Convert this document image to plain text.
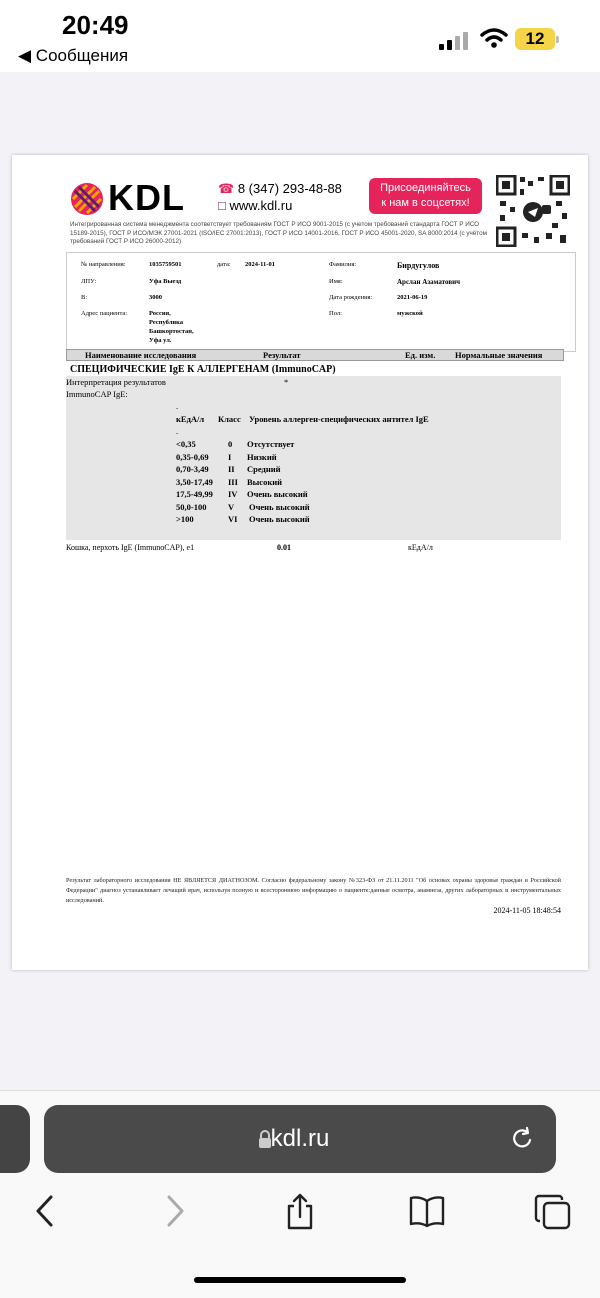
20:49
◀ Сообщения
12
KDL	☎ 8 (347) 293-48-88
□ www.kdl.ru
Присоединяйтесь
к нам в соцсетях!
Интегрированная система менеджмента соответствует требованиям ГОСТ Р ИСО 9001-2015 (с учетом требований стандарта ГОСТ Р ИСО 15189-2015), ГОСТ Р ИСО/МЭК 27001-2021 (ISO/IEC 27001:2013), ГОСТ Р ИСО 14001-2016, ГОСТ Р ИСО 45001-2020, SA 8000:2014 (с учётом требований ГОСТ Р ИСО 26000-2012)
№ направления:	1035759501	дата: 2024-11-01	Фамилия:	Бирдугулов
ЛПУ:	Уфа Выезд	Имя:	Арслан Азаматович
В:	3000	Дата рождения:	2021-06-19
Адрес пациента:	Россия,
Республика
Башкортостан,
Уфа ул.
Пол:	мужской
Наименование исследования	Результат	Ед. изм. Нормальные значения
СПЕЦИФИЧЕСКИЕ IgE К АЛЛЕРГЕНАМ (ImmunoCAP)
Интерпретация результатов	*
ImmunoCAP IgE:
.
кЕдА/л Класс Уровень аллерген-специфических антител IgE
.
<0,35	0 Отсутствует
0,35-0,69 I Низкий
0,70-3,49 II Средний
3,50-17,49 III Высокий
17,5-49,99 IV Очень высокий
50,0-100	V Очень высокий
>100	VI Очень высокий
Кошка, перхоть IgE (ImmunoCAP), e1	0.01	кЕдА/л
Результат лабораторного исследования НЕ ЯВЛЯЕТСЯ ДИАГНОЗОМ. Согласно федеральному закону №323-ФЗ от 21.11.2011 "Об основах охраны здоровья граждан в Российской Федерации" диагноз устанавливает лечащий врач, используя полную и всестороннюю информацию о пациенте:данные осмотра, анамнеза, других лабораторных и инструментальных исследований.
2024-11-05 18:48:54
kdl.ru
